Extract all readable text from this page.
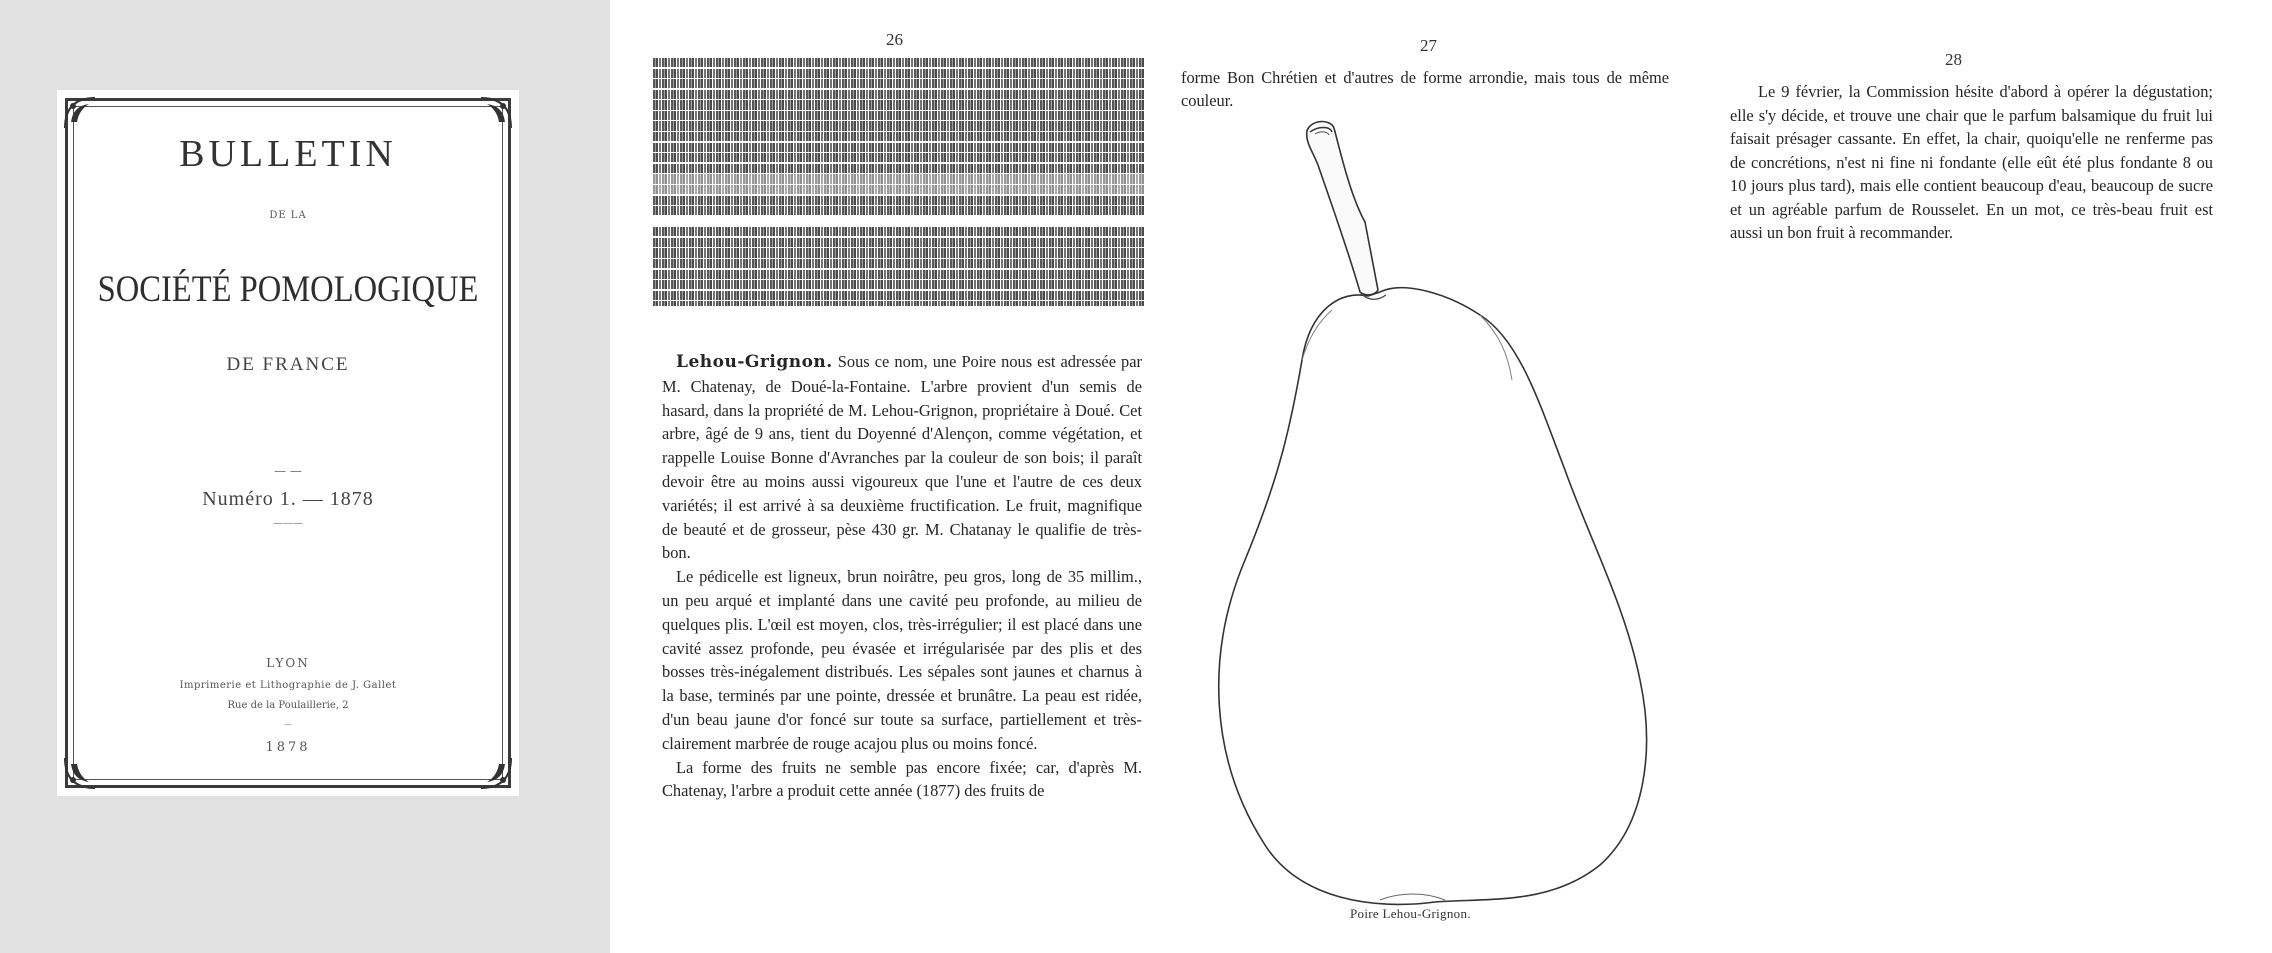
BULLETIN
DE LA
SOCIÉTÉ POMOLOGIQUE
DE FRANCE
— —
Numéro 1. — 1878
———
LYON
Imprimerie et Lithographie de J. Gallet
Rue de la Poulaillerie, 2
—
1878
26

Lehou-Grignon. Sous ce nom, une Poire nous est adressée par M. Chatenay, de Doué-la-Fontaine. L'arbre provient d'un semis de hasard, dans la propriété de M. Lehou-Grignon, propriétaire à Doué. Cet arbre, âgé de 9 ans, tient du Doyenné d'Alençon, comme végétation, et rappelle Louise Bonne d'Avranches par la couleur de son bois; il paraît devoir être au moins aussi vigoureux que l'une et l'autre de ces deux variétés; il est arrivé à sa deuxième fructification. Le fruit, magnifique de beauté et de grosseur, pèse 430 gr. M. Chatanay le qualifie de très-bon.

Le pédicelle est ligneux, brun noirâtre, peu gros, long de 35 millim., un peu arqué et implanté dans une cavité peu profonde, au milieu de quelques plis. L'œil est moyen, clos, très-irrégulier; il est placé dans une cavité assez profonde, peu évasée et irrégularisée par des plis et des bosses très-inégalement distribués. Les sépales sont jaunes et charnus à la base, terminés par une pointe, dressée et brunâtre. La peau est ridée, d'un beau jaune d'or foncé sur toute sa surface, partiellement et très-clairement marbrée de rouge acajou plus ou moins foncé.

La forme des fruits ne semble pas encore fixée; car, d'après M. Chatenay, l'arbre a produit cette année (1877) des fruits de

27
forme Bon Chrétien et d'autres de forme arrondie, mais tous de même couleur.
Poire Lehou-Grignon.
28

Le 9 février, la Commission hésite d'abord à opérer la dégustation; elle s'y décide, et trouve une chair que le parfum balsamique du fruit lui faisait présager cassante. En effet, la chair, quoiqu'elle ne renferme pas de concrétions, n'est ni fine ni fondante (elle eût été plus fondante 8 ou 10 jours plus tard), mais elle contient beaucoup d'eau, beaucoup de sucre et un agréable parfum de Rousselet. En un mot, ce très-beau fruit est aussi un bon fruit à recommander.
